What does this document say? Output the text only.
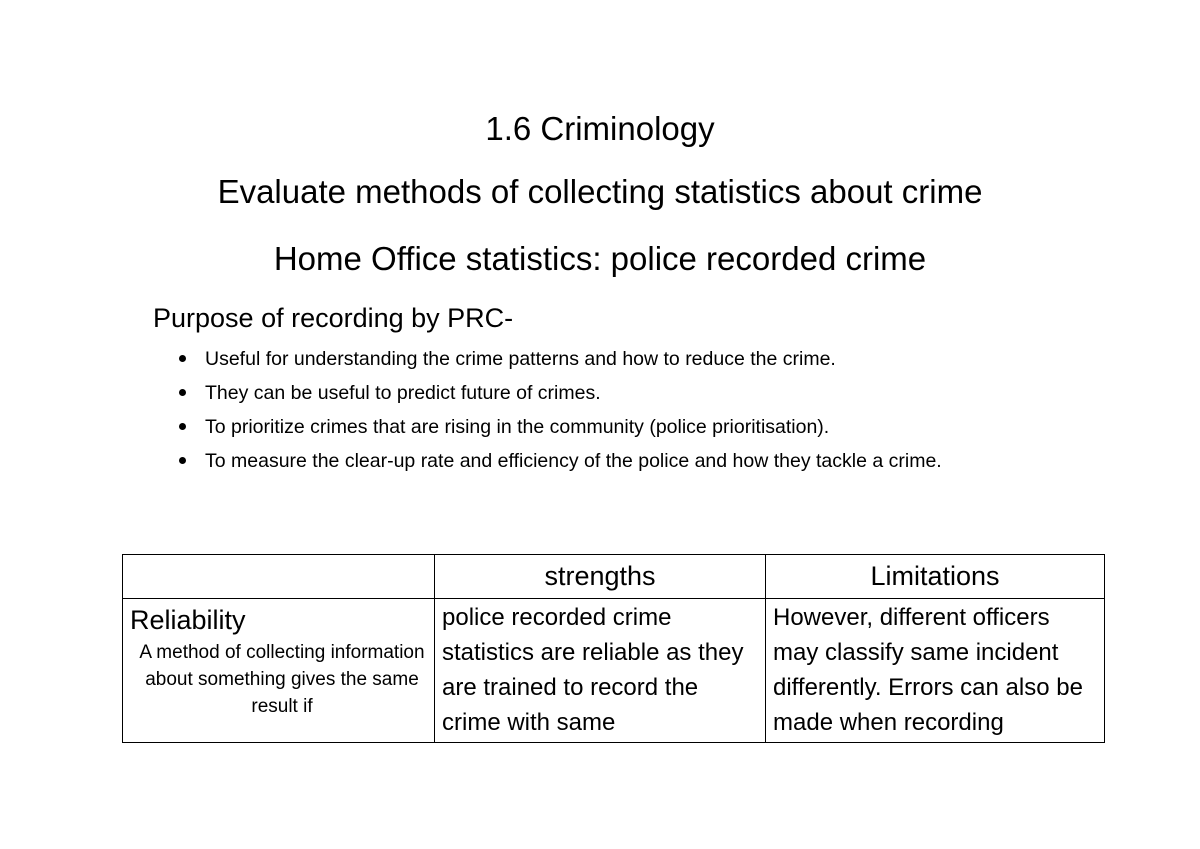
1.6 Criminology
Evaluate methods of collecting statistics about crime
Home Office statistics: police recorded crime
Purpose of recording by PRC-
Useful for understanding the crime patterns and how to reduce the crime.
They can be useful to predict future of crimes.
To prioritize crimes that are rising in the community (police prioritisation).
To measure the clear-up rate and efficiency of the police and how they tackle a crime.
	strengths	Limitations
Reliability
A method of collecting information about something gives the same result if	police recorded crime statistics are reliable as they are trained to record the crime with same	However, different officers may classify same incident differently. Errors can also be made when recording
